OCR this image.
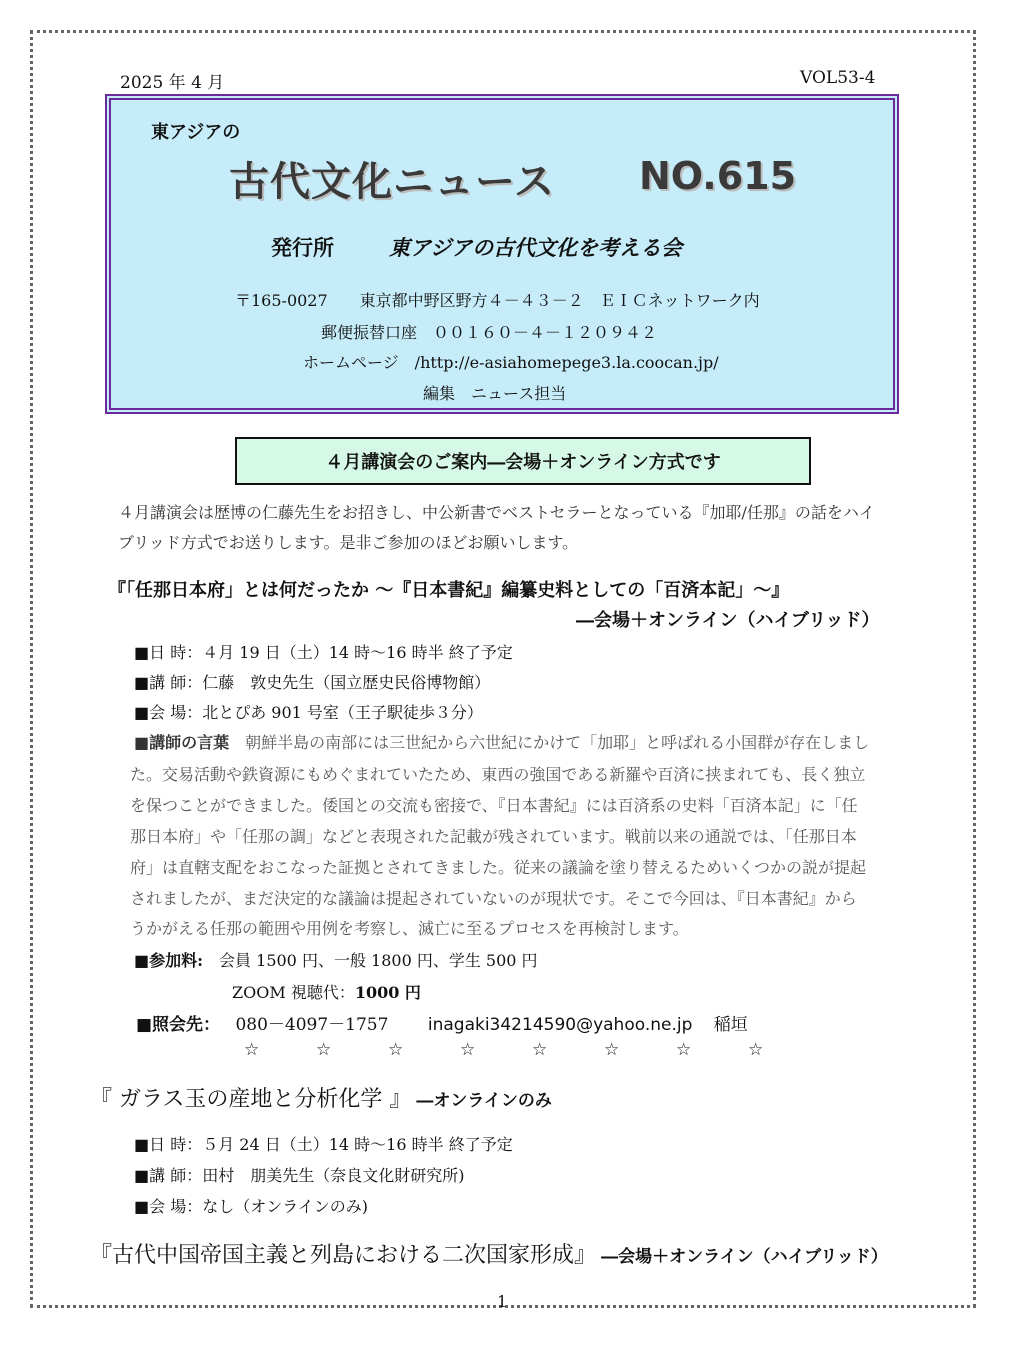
2025 年 4 月	VOL53-4
東アジアの
古代文化ニュース NO.615
発行所	東アジアの古代文化を考える会
〒165-0027　　東京都中野区野方４－４３－２　ＥＩＣネットワーク内
郵便振替口座　００１６０－４－１２０９４２
ホームページ　/http://e-asiahomepege3.la.coocan.jp/
編集　ニュース担当
４月講演会のご案内―会場＋オンライン方式です
４月講演会は歴博の仁藤先生をお招きし、中公新書でベストセラーとなっている『加耶/任那』の話をハイ
ブリッド方式でお送りします。是非ご参加のほどお願いします。
『「任那日本府」とは何だったか ～『日本書紀』編纂史料としての「百済本記」～』
―会場＋オンライン（ハイブリッド）
■日 時：４月 19 日（土）14 時～16 時半 終了予定
■講 師：仁藤　敦史先生（国立歴史民俗博物館）
■会 場：北とぴあ 901 号室（王子駅徒歩３分）
■講師の言葉　 朝鮮半島の南部には三世紀から六世紀にかけて「加耶」と呼ばれる小国群が存在しまし
た。交易活動や鉄資源にもめぐまれていたため、東西の強国である新羅や百済に挟まれても、長く独立
を保つことができました。倭国との交流も密接で、『日本書紀』には百済系の史料「百済本記」に「任
那日本府」や「任那の調」などと表現された記載が残されています。戦前以来の通説では、「任那日本
府」は直轄支配をおこなった証拠とされてきました。従来の議論を塗り替えるためいくつかの説が提起
されましたが、まだ決定的な議論は提起されていないのが現状です。そこで今回は、『日本書紀』から
うかがえる任那の範囲や用例を考察し、滅亡に至るプロセスを再検討します。
■参加料:　 会員 1500 円、一般 1800 円、学生 500 円
ZOOM 視聴代：1000 円
■照会先： 080－4097－1757 inagaki34214590@yahoo.ne.jp 稲垣
☆	☆	☆	☆	☆	☆	☆	☆
『 ガラス玉の産地と分析化学 』 ―オンラインのみ
■日 時：５月 24 日（土）14 時～16 時半 終了予定
■講 師：田村　朋美先生（奈良文化財研究所)
■会 場：なし（オンラインのみ)
『古代中国帝国主義と列島における二次国家形成』 ―会場＋オンライン（ハイブリッド）
1
